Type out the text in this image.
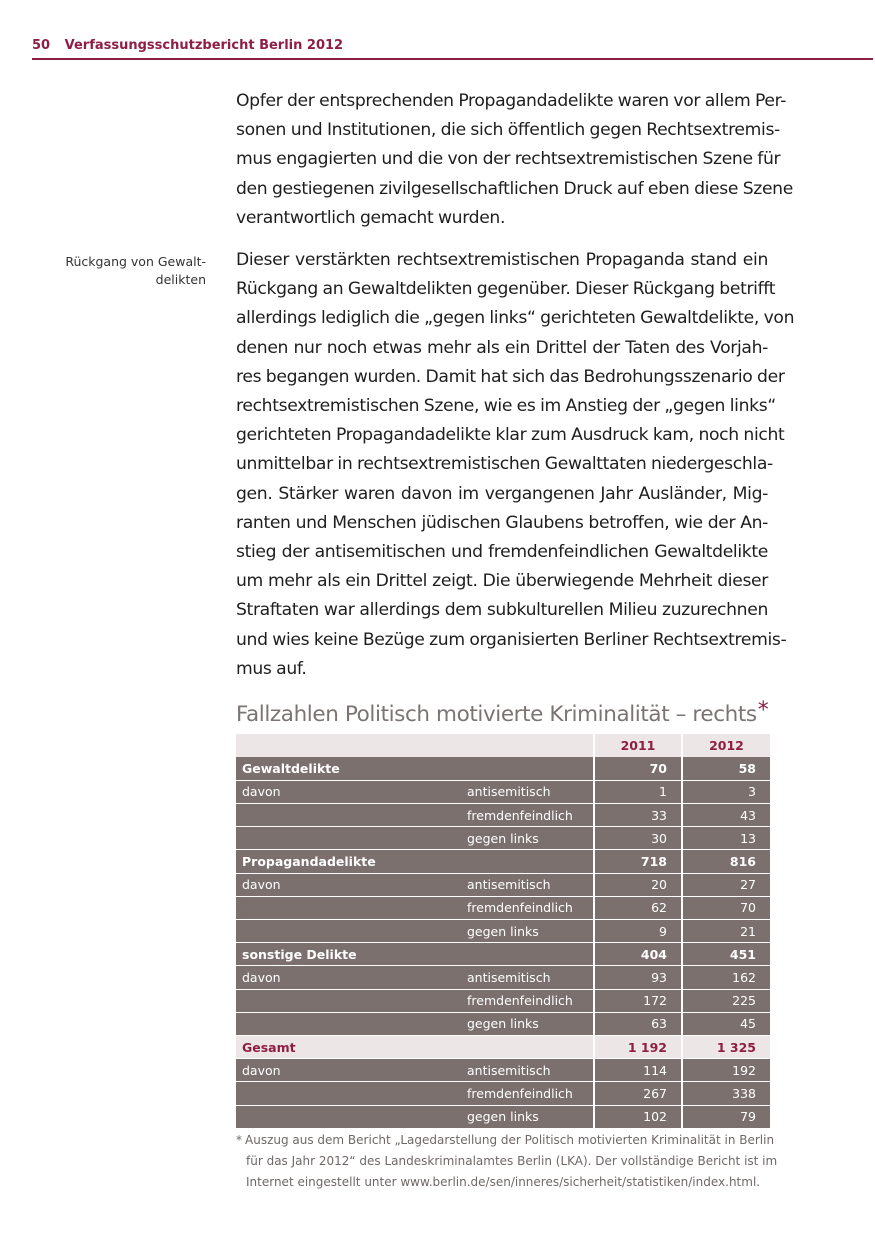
50 Verfassungsschutzbericht Berlin 2012
Opfer der entsprechenden Propagandadelikte waren vor allem Per-
sonen und Institutionen, die sich öffentlich gegen Rechtsextremis-
mus engagierten und die von der rechtsextremistischen Szene für
den gestiegenen zivilgesellschaftlichen Druck auf eben diese Szene
verantwortlich gemacht wurden.
Rückgang von Gewalt-
delikten
Dieser verstärkten rechtsextremistischen Propaganda stand ein
Rückgang an Gewaltdelikten gegenüber. Dieser Rückgang betrifft
allerdings lediglich die „gegen links“ gerichteten Gewaltdelikte, von
denen nur noch etwas mehr als ein Drittel der Taten des Vorjah-
res begangen wurden. Damit hat sich das Bedrohungsszenario der
rechtsextremistischen Szene, wie es im Anstieg der „gegen links“
gerichteten Propagandadelikte klar zum Ausdruck kam, noch nicht
unmittelbar in rechtsextremistischen Gewalttaten niedergeschla-
gen. Stärker waren davon im vergangenen Jahr Ausländer, Mig-
ranten und Menschen jüdischen Glaubens betroffen, wie der An-
stieg der antisemitischen und fremdenfeindlichen Gewaltdelikte
um mehr als ein Drittel zeigt. Die überwiegende Mehrheit dieser
Straftaten war allerdings dem subkulturellen Milieu zuzurechnen
und wies keine Bezüge zum organisierten Berliner Rechtsextremis-
mus auf.
Fallzahlen Politisch motivierte Kriminalität – rechts*
		2011	2012
Gewaltdelikte		70	58
davon	antisemitisch	1	3
	fremdenfeindlich	33	43
	gegen links	30	13
Propagandadelikte		718	816
davon	antisemitisch	20	27
	fremdenfeindlich	62	70
	gegen links	9	21
sonstige Delikte		404	451
davon	antisemitisch	93	162
	fremdenfeindlich	172	225
	gegen links	63	45
Gesamt		1 192	1 325
davon	antisemitisch	114	192
	fremdenfeindlich	267	338
	gegen links	102	79
* Auszug aus dem Bericht „Lagedarstellung der Politisch motivierten Kriminalität in Berlin
für das Jahr 2012“ des Landeskriminalamtes Berlin (LKA). Der vollständige Bericht ist im
Internet eingestellt unter www.berlin.de/sen/inneres/sicherheit/statistiken/index.html.
